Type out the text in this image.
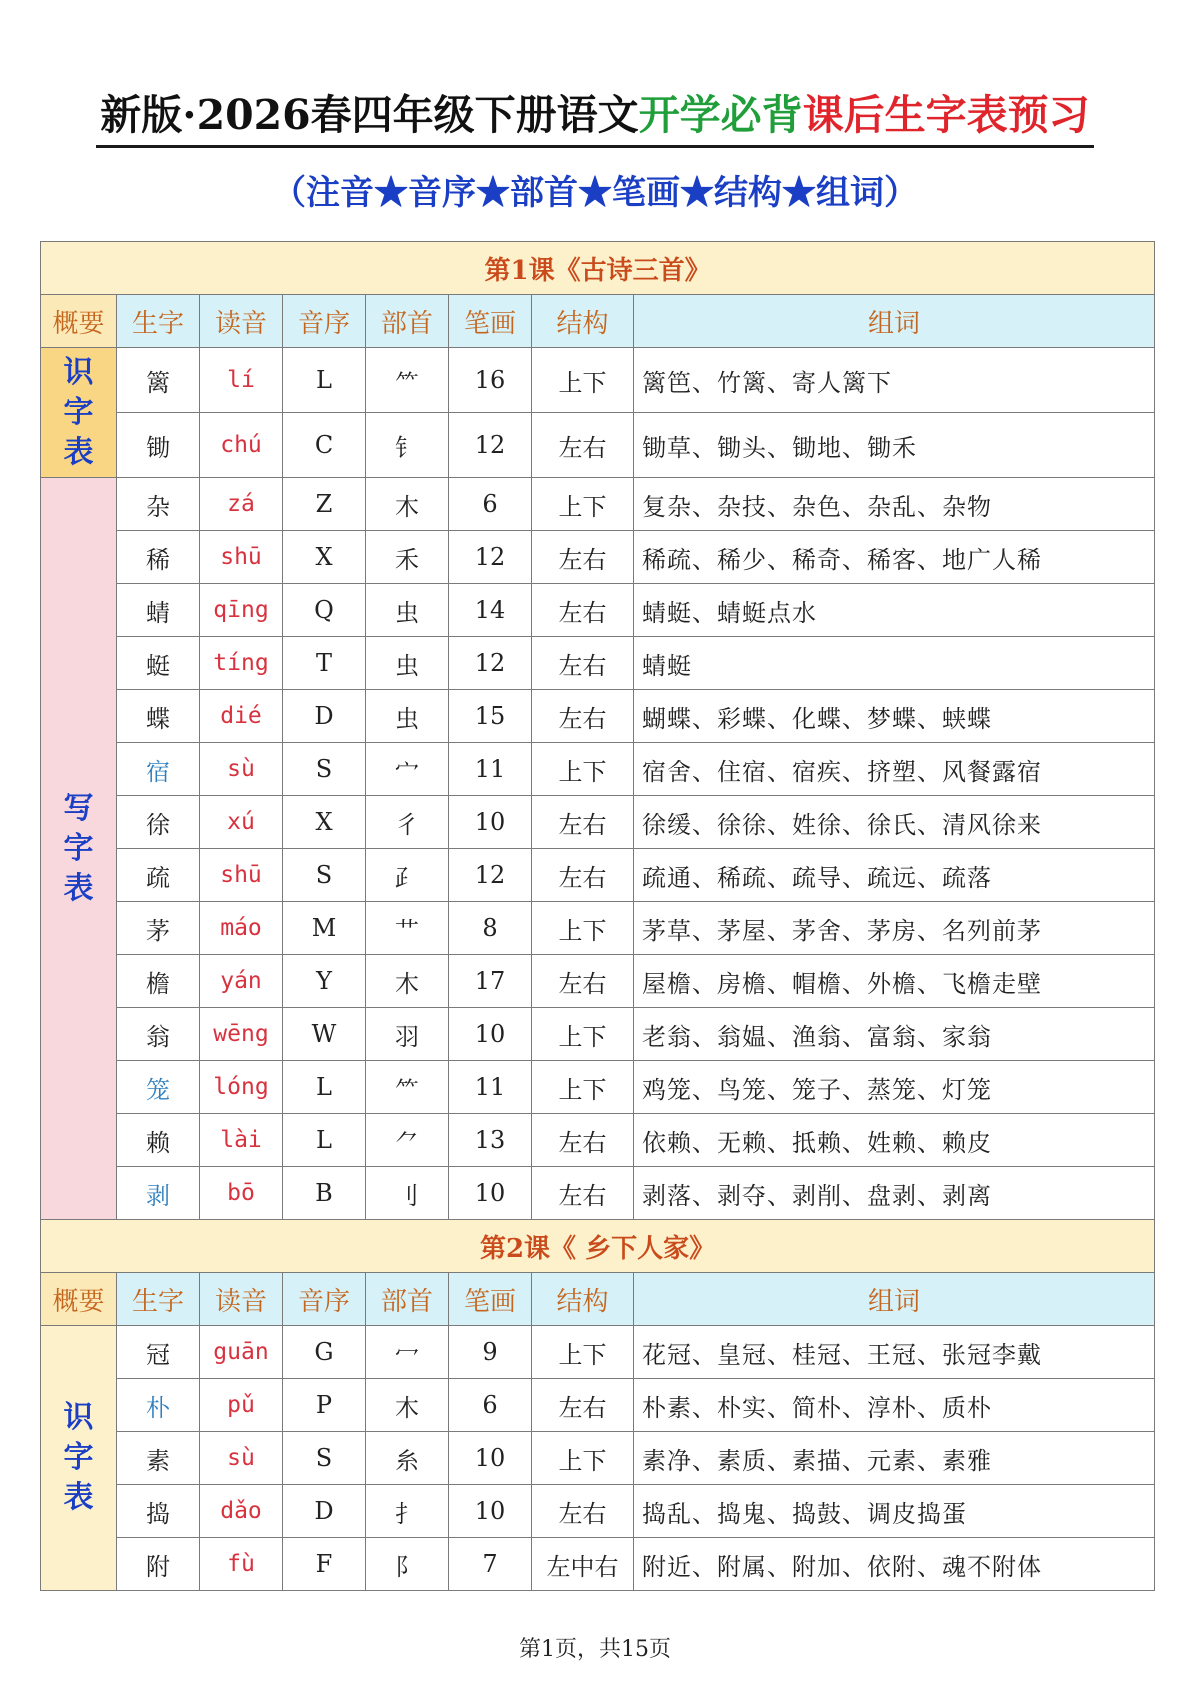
新版·2026春四年级下册语文开学必背课后生字表预习
（注音★音序★部首★笔画★结构★组词）
第1课《古诗三首》							
概要	生字	读音	音序	部首	笔画	结构	组词
识
字
表	篱	lí	L	⺮	16	上下	篱笆、竹篱、寄人篱下
	锄	chú	C	钅	12	左右	锄草、锄头、锄地、锄禾
写
字
表	杂	zá	Z	木	6	上下	复杂、杂技、杂色、杂乱、杂物
	稀	shū	X	禾	12	左右	稀疏、稀少、稀奇、稀客、地广人稀
	蜻	qīng	Q	虫	14	左右	蜻蜓、蜻蜓点水
	蜓	tíng	T	虫	12	左右	蜻蜓
	蝶	dié	D	虫	15	左右	蝴蝶、彩蝶、化蝶、梦蝶、蛱蝶
	宿	sù	S	宀	11	上下	宿舍、住宿、宿疾、挤塑、风餐露宿
	徐	xú	X	彳	10	左右	徐缓、徐徐、姓徐、徐氏、清风徐来
	疏	shū	S	⺪	12	左右	疏通、稀疏、疏导、疏远、疏落
	茅	máo	M	艹	8	上下	茅草、茅屋、茅舍、茅房、名列前茅
	檐	yán	Y	木	17	左右	屋檐、房檐、帽檐、外檐、飞檐走壁
	翁	wēng	W	羽	10	上下	老翁、翁媪、渔翁、富翁、家翁
	笼	lóng	L	⺮	11	上下	鸡笼、鸟笼、笼子、蒸笼、灯笼
	赖	lài	L	⺈	13	左右	依赖、无赖、抵赖、姓赖、赖皮
	剥	bō	B	刂	10	左右	剥落、剥夺、剥削、盘剥、剥离
第2课《 乡下人家》							
概要	生字	读音	音序	部首	笔画	结构	组词
识
字
表	冠	guān	G	冖	9	上下	花冠、皇冠、桂冠、王冠、张冠李戴
	朴	pǔ	P	木	6	左右	朴素、朴实、简朴、淳朴、质朴
	素	sù	S	糸	10	上下	素净、素质、素描、元素、素雅
	捣	dǎo	D	扌	10	左右	捣乱、捣鬼、捣鼓、调皮捣蛋
	附	fù	F	阝	7	左中右	附近、附属、附加、依附、魂不附体
第1页，共15页
